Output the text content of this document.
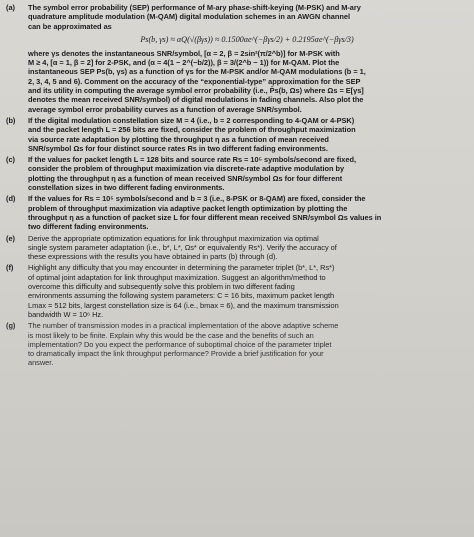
(a)	The symbol error probability (SEP) performance of M-ary phase-shift-keying (M-PSK) and M-ary
quadrature amplitude modulation (M-QAM) digital modulation schemes in an AWGN channel
can be approximated as
Ps(b, γs) ≈ αQ(√(βγs)) ≈ 0.1500αe^(−βγs/2) + 0.2195αe^(−βγs/3)
where γs denotes the instantaneous SNR/symbol, [α = 2, β = 2sin²(π/2^b)] for M-PSK with
M ≥ 4, [α = 1, β = 2] for 2-PSK, and (α = 4(1 − 2^(−b/2)), β = 3/(2^b − 1)) for M-QAM. Plot the
instantaneous SEP Ps(b, γs) as a function of γs for the M-PSK and/or M-QAM modulations (b = 1,
2, 3, 4, 5 and 6). Comment on the accuracy of the “exponential-type” approximation for the SEP
and its utility in computing the average symbol error probability (i.e., P̄s(b, Ωs) where Ωs = E[γs]
denotes the mean received SNR/symbol) of digital modulations in fading channels. Also plot the
average symbol error probability curves as a function of average SNR/symbol.
(b)	If the digital modulation constellation size M = 4 (i.e., b = 2 corresponding to 4-QAM or 4-PSK)
and the packet length L = 256 bits are fixed, consider the problem of throughput maximization
via source rate adaptation by plotting the throughput η as a function of mean received
SNR/symbol Ωs for four distinct source rates Rs in two different fading environments.
(c)	If the values for packet length L = 128 bits and source rate Rs = 10⁵ symbols/second are fixed,
consider the problem of throughput maximization via discrete-rate adaptive modulation by
plotting the throughput η as a function of mean received SNR/symbol Ωs for four different
constellation sizes in two different fading environments.
(d)	If the values for Rs = 10⁵ symbols/second and b = 3 (i.e., 8-PSK or 8-QAM) are fixed, consider the
problem of throughput maximization via adaptive packet length optimization by plotting the
throughput η as a function of packet size L for four different mean received SNR/symbol Ωs values in
two different fading environments.
(e)	Derive the appropriate optimization equations for link throughput maximization via optimal
single system parameter adaptation (i.e., b*, L*, Ωs* or equivalently Rs*). Verify the accuracy of
these expressions with the results you have obtained in parts (b) through (d).
(f)	Highlight any difficulty that you may encounter in determining the parameter triplet (b*, L*, Rs*)
of optimal joint adaptation for link throughput maximization. Suggest an algorithm/method to
overcome this difficulty and subsequently solve this problem in two different fading
environments assuming the following system parameters: C = 16 bits, maximum packet length
Lmax = 512 bits, largest constellation size is 64 (i.e., bmax = 6), and the maximum transmission
bandwidth W = 10⁶ Hz.
(g)	The number of transmission modes in a practical implementation of the above adaptive scheme
is most likely to be finite. Explain why this would be the case and the benefits of such an
implementation? Do you expect the performance of suboptimal choice of the parameter triplet
to dramatically impact the link throughput performance? Provide a brief justification for your
answer.
